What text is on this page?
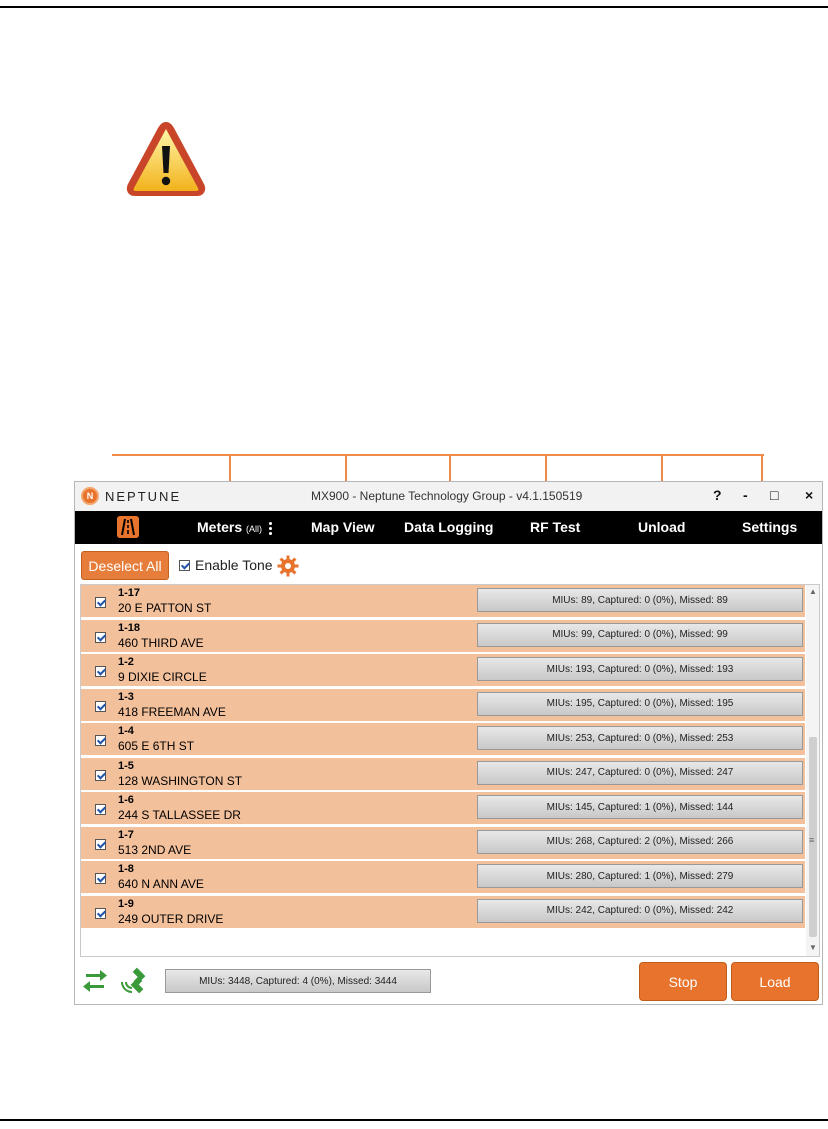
N NEPTUNE	MX900 - Neptune Technology Group - v4.1.150519	? - □ ×
Meters (All)	Map View Data Logging	RF Test	Unload	Settings
Deselect All	Enable Tone
1-17
20 E PATTON ST
MIUs: 89, Captured: 0 (0%), Missed: 89
1-18
460 THIRD AVE
MIUs: 99, Captured: 0 (0%), Missed: 99
1-2
9 DIXIE CIRCLE
MIUs: 193, Captured: 0 (0%), Missed: 193
1-3
418 FREEMAN AVE
MIUs: 195, Captured: 0 (0%), Missed: 195
1-4
605 E 6TH ST
MIUs: 253, Captured: 0 (0%), Missed: 253
1-5
128 WASHINGTON ST
MIUs: 247, Captured: 0 (0%), Missed: 247
1-6
244 S TALLASSEE DR
MIUs: 145, Captured: 1 (0%), Missed: 144
1-7
513 2ND AVE
MIUs: 268, Captured: 2 (0%), Missed: 266
1-8
640 N ANN AVE
MIUs: 280, Captured: 1 (0%), Missed: 279
1-9
249 OUTER DRIVE
MIUs: 242, Captured: 0 (0%), Missed: 242
▲
≡
▼
MIUs: 3448, Captured: 4 (0%), Missed: 3444	Stop	Load
